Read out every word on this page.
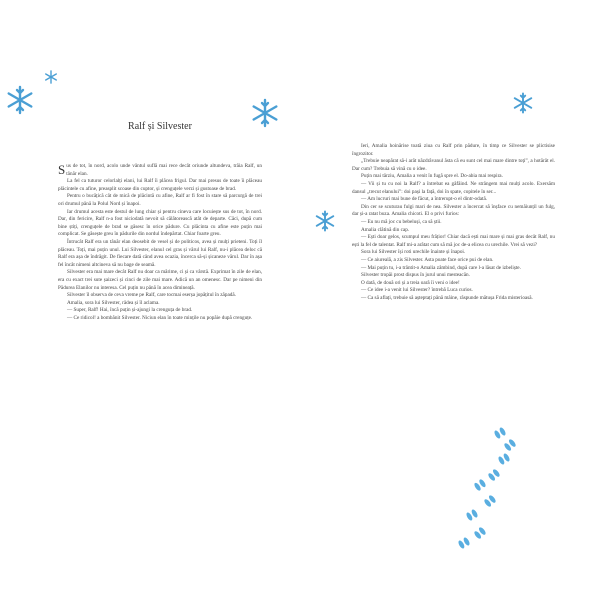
Ralf și Silvester

Sus de tot, în nord, acolo unde vântul suflă mai rece decât oriunde altundeva, trăia Ralf, un tânăr elan.

La fel ca tuturor celorlalți elani, lui Ralf îi plăcea frigul. Dar mai presus de toate îi plăceau plăcintele cu afine, preasplit scoase din cuptor, și crenguțele verzi și gustoase de brad.

Pentru o bucățică cât de mică de plăcintă cu afine, Ralf ar fi fost în stare să parcurgă de trei ori drumul până la Polul Nord și înapoi.

Iar drumul acesta este destul de lung chiar și pentru cineva care locuiește sus de tot, în nord. Dar, din fericire, Ralf n-a fost niciodată nevoit să călătorească atât de departe. Căci, după cum bine știți, crenguțele de brad se găsesc în orice pădure. Cu plăcinta cu afine este puțin mai complicat. Se găsește greu în pădurile din nordul îndepărtat. Chiar foarte greu.

Întrucât Ralf era un tânăr elan deosebit de vesel și de politicos, avea și mulți prieteni. Toți îl plăceau. Toți, mai puțin unul. Lui Silvester, elanul cel gras și vărul lui Ralf, nu-i plăcea deloc că Ralf era așa de îndrăgit. De fiecare dată când avea ocazia, încerca să-și șicaneze vărul. Dar în așa fel încât nimeni altcineva să nu bage de seamă.

Silvester era mai mare decât Ralf nu doar ca mărime, ci și ca vârstă. Exprimat în zile de elan, era cu exact trei sute șaizeci și cinci de zile mai mare. Adică un an omenesc. Dar pe nimeni din Pădurea Elanilor nu interesa. Cel puțin nu până în acea dimineață.

Silvester îl observa de ceva vreme pe Ralf, care tocmai eserșa jopățitul în zăpadă.

Amalia, sora lui Silvester, râdea și îl aclama.

— Super, Ralf! Hai, încă puțin și-ajungi la crenguța de brad.

— Ce ridicol! a bombănit Silvester. Niciun elan în toate mințile nu popăie după crenguțe.

Ieri, Amalia hoinărise toată ziua cu Ralf prin pădure, în timp ce Silvester se plictisise îngrozitor.

„Trebuie neapărat să-i arăt năzdrăvanul ăsta că eu sunt cel mai mare dintre toți”, a hotărât el. Dar cum? Trebuia să vină cu o idee.

Puțin mai târziu, Amalia a venit în fugă spre el. Do-abia mai respira.

— Vii și tu cu noi la Ralf? a întrebat ea gâfâind. Ne strângem mai mulți acolo. Exersăm dansul „trecut elanului”: doi pași la față, doi în spate, copitele în ser...

— Am lucruri mai bune de făcut, a întrerupt-o el dintr-odată.

Din cer se scuturau fulgi mari de nea. Silvester a încercat să înșface cu nemăiunțil un fulg, dar și-a ratat buza. Amalia chicoti. El o privi furios:

— Eu nu mă joc cu bebeluși, ca să știi.

Amalia clătină din cap.

— Ești doar gelos, scumpul meu frățior! Chiar dacă ești mai mare și mai gras decât Ralf, nu ești la fel de talentat. Ralf mi-a arătat cum să mă joc de-a elicea cu urechile. Vrei să vezi?

Sora lui Silvester își roti urechile înainte și înapoi.

— Ce aiureală, a zis Silvester. Asta poate face orice pui de elan.

— Mai puțin tu, i-a trântit-o Amalia zâmbind, după care l-a lăsat de izbeliște.

Silvester tropăi prost dispus în jurul unui mesteacăn.

O dată, de două ori și a treia oară îi veni o idee!

— Ce idee i-a venit lui Silvester? întrebă Luca curios.

— Ca să aflați, trebuie să așteptați până mâine, răspunde mătușa Frida misterioasă.
